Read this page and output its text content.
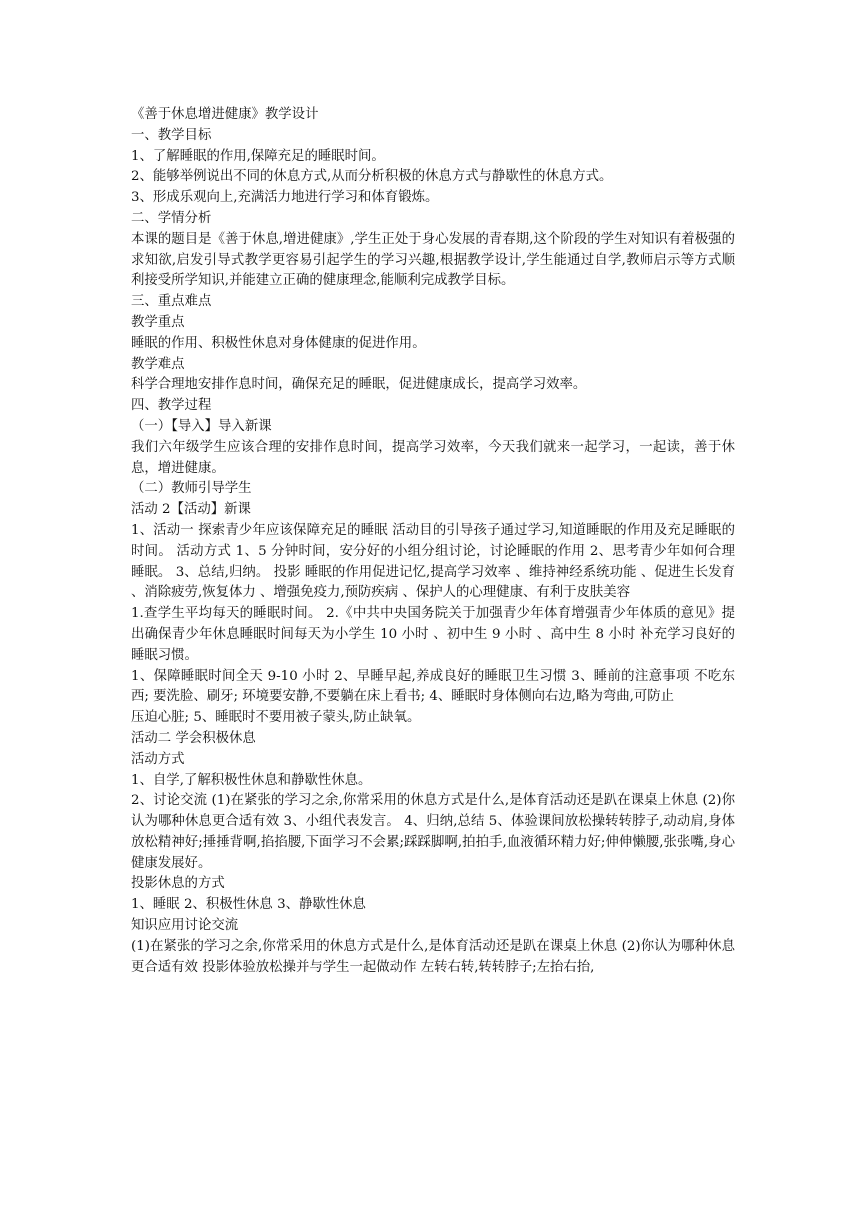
《善于休息增进健康》教学设计

一、教学目标

1、了解睡眠的作用,保障充足的睡眠时间。

2、能够举例说出不同的休息方式,从而分析积极的休息方式与静歇性的休息方式。

3、形成乐观向上,充满活力地进行学习和体育锻炼。

二、学情分析

本课的题目是《善于休息,增进健康》,学生正处于身心发展的青春期,这个阶段的学生对知识有着极强的求知欲,启发引导式教学更容易引起学生的学习兴趣,根据教学设计,学生能通过自学,教师启示等方式顺利接受所学知识,并能建立正确的健康理念,能顺利完成教学目标。

三、重点难点

教学重点

睡眠的作用、积极性休息对身体健康的促进作用。

教学难点

科学合理地安排作息时间，确保充足的睡眠，促进健康成长，提高学习效率。

四、教学过程

（一）【导入】导入新课

我们六年级学生应该合理的安排作息时间，提高学习效率，今天我们就来一起学习，一起读，善于休息，增进健康。

（二）教师引导学生

活动 2【活动】新课

1、活动一 探索青少年应该保障充足的睡眠 活动目的引导孩子通过学习,知道睡眠的作用及充足睡眠的时间。 活动方式 1、5 分钟时间，安分好的小组分组讨论，讨论睡眠的作用 2、思考青少年如何合理睡眠。 3、总结,归纳。 投影 睡眠的作用促进记忆,提高学习效率 、维持神经系统功能 、促进生长发育 、消除疲劳,恢复体力 、增强免疫力,预防疾病 、保护人的心理健康、有利于皮肤美容

1.查学生平均每天的睡眠时间。 2.《中共中央国务院关于加强青少年体育增强青少年体质的意见》提出确保青少年休息睡眠时间每天为小学生 10 小时 、初中生 9 小时 、高中生 8 小时 补充学习良好的睡眠习惯。

1、保障睡眠时间全天 9-10 小时 2、早睡早起,养成良好的睡眠卫生习惯 3、睡前的注意事项 不吃东西; 要洗脸、刷牙; 环境要安静,不要躺在床上看书; 4、睡眠时身体侧向右边,略为弯曲,可防止

压迫心脏; 5、睡眠时不要用被子蒙头,防止缺氧。

活动二 学会积极休息

活动方式

1、自学,了解积极性休息和静歇性休息。

2、讨论交流 (1)在紧张的学习之余,你常采用的休息方式是什么,是体育活动还是趴在课桌上休息 (2)你认为哪种休息更合适有效 3、小组代表发言。 4、归纳,总结 5、体验课间放松操转转脖子,动动肩,身体放松精神好;捶捶背啊,掐掐腰,下面学习不会累;踩踩脚啊,拍拍手,血液循环精力好;伸伸懒腰,张张嘴,身心健康发展好。

投影休息的方式

1、睡眠 2、积极性休息 3、静歇性休息

知识应用讨论交流

(1)在紧张的学习之余,你常采用的休息方式是什么,是体育活动还是趴在课桌上休息 (2)你认为哪种休息更合适有效 投影体验放松操并与学生一起做动作 左转右转,转转脖子;左抬右抬,
